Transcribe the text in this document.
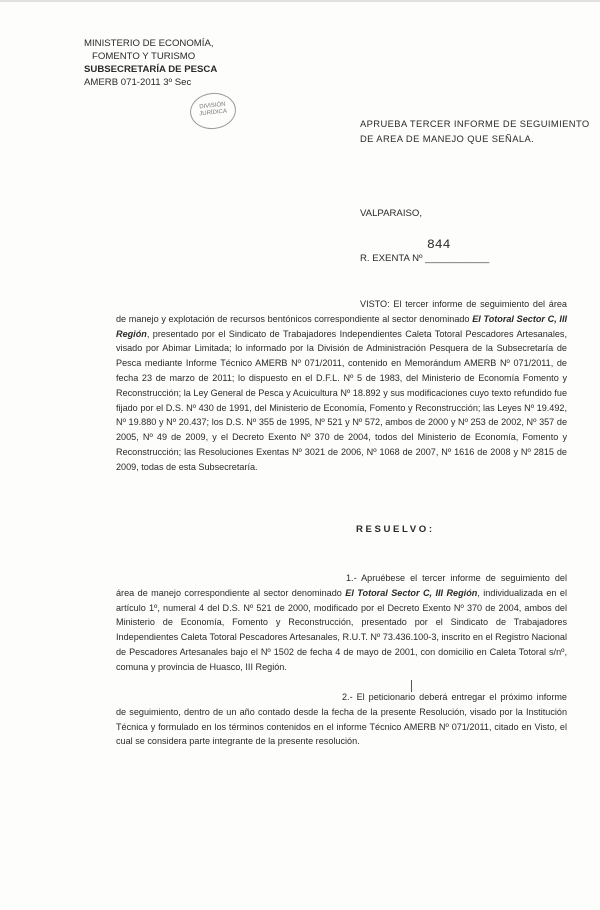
MINISTERIO DE ECONOMÍA,
FOMENTO Y TURISMO
SUBSECRETARÍA DE PESCA
AMERB 071-2011 3º Sec
DIVISIÓN JURÍDICA
APRUEBA TERCER INFORME DE SEGUIMIENTO DE AREA DE MANEJO QUE SEÑALA.
VALPARAISO,
844
R. EXENTA Nº ____________

VISTO: El tercer informe de seguimiento del área de manejo y explotación de recursos bentónicos correspondiente al sector denominado El Totoral Sector C, III Región, presentado por el Sindicato de Trabajadores Independientes Caleta Totoral Pescadores Artesanales, visado por Abimar Limitada; lo informado por la División de Administración Pesquera de la Subsecretaría de Pesca mediante Informe Técnico AMERB Nº 071/2011, contenido en Memorándum AMERB Nº 071/2011, de fecha 23 de marzo de 2011; lo dispuesto en el D.F.L. Nº 5 de 1983, del Ministerio de Economía Fomento y Reconstrucción; la Ley General de Pesca y Acuicultura Nº 18.892 y sus modificaciones cuyo texto refundido fue fijado por el D.S. Nº 430 de 1991, del Ministerio de Economía, Fomento y Reconstrucción; las Leyes Nº 19.492, Nº 19.880 y Nº 20.437; los D.S. Nº 355 de 1995, Nº 521 y Nº 572, ambos de 2000 y Nº 253 de 2002, Nº 357 de 2005, Nº 49 de 2009, y el Decreto Exento Nº 370 de 2004, todos del Ministerio de Economía, Fomento y Reconstrucción; las Resoluciones Exentas Nº 3021 de 2006, Nº 1068 de 2007, Nº 1616 de 2008 y Nº 2815 de 2009, todas de esta Subsecretaría.

RESUELVO:

1.- Apruébese el tercer informe de seguimiento del área de manejo correspondiente al sector denominado El Totoral Sector C, III Región, individualizada en el artículo 1º, numeral 4 del D.S. Nº 521 de 2000, modificado por el Decreto Exento Nº 370 de 2004, ambos del Ministerio de Economía, Fomento y Reconstrucción, presentado por el Sindicato de Trabajadores Independientes Caleta Totoral Pescadores Artesanales, R.U.T. Nº 73.436.100-3, inscrito en el Registro Nacional de Pescadores Artesanales bajo el Nº 1502 de fecha 4 de mayo de 2001, con domicilio en Caleta Totoral s/nº, comuna y provincia de Huasco, III Región.

2.- El peticionario deberá entregar el próximo informe de seguimiento, dentro de un año contado desde la fecha de la presente Resolución, visado por la Institución Técnica y formulado en los términos contenidos en el informe Técnico AMERB Nº 071/2011, citado en Visto, el cual se considera parte integrante de la presente resolución.
